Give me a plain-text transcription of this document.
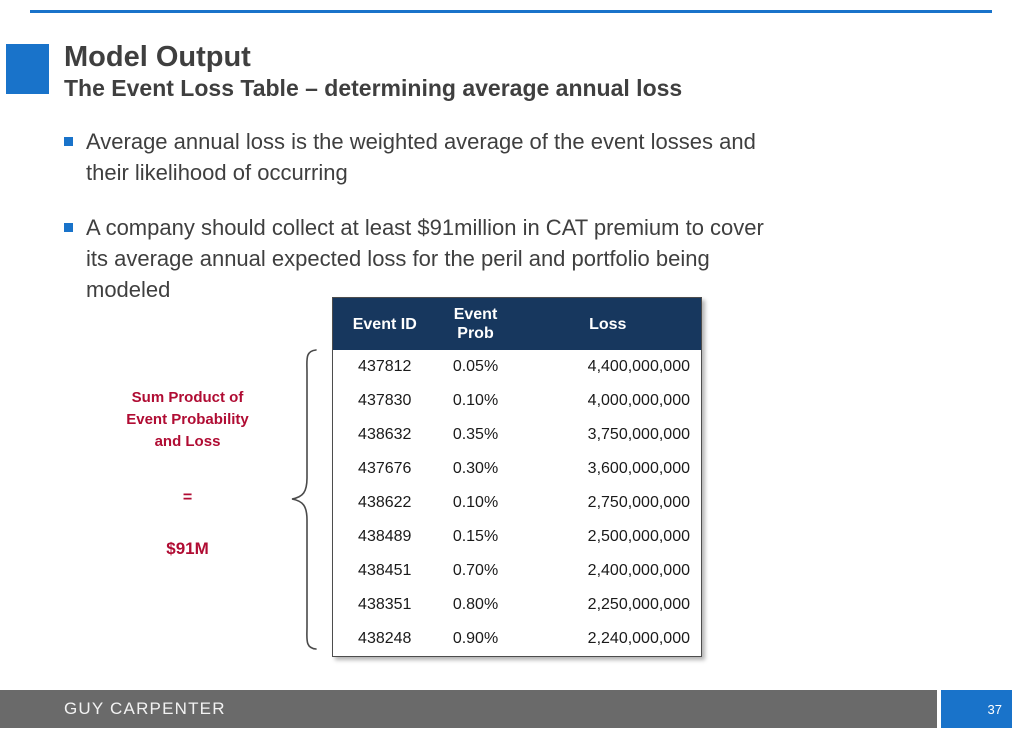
Model Output
The Event Loss Table – determining average annual loss
Average annual loss is the weighted average of the event losses and
their likelihood of occurring
A company should collect at least $91million in CAT premium to cover
its average annual expected loss for the peril and portfolio being
modeled
Sum Product of
Event Probability
and Loss
=
$91M
Event ID	Event Prob	Loss
437812	0.05%	4,400,000,000
437830	0.10%	4,000,000,000
438632	0.35%	3,750,000,000
437676	0.30%	3,600,000,000
438622	0.10%	2,750,000,000
438489	0.15%	2,500,000,000
438451	0.70%	2,400,000,000
438351	0.80%	2,250,000,000
438248	0.90%	2,240,000,000
GUY CARPENTER	37
